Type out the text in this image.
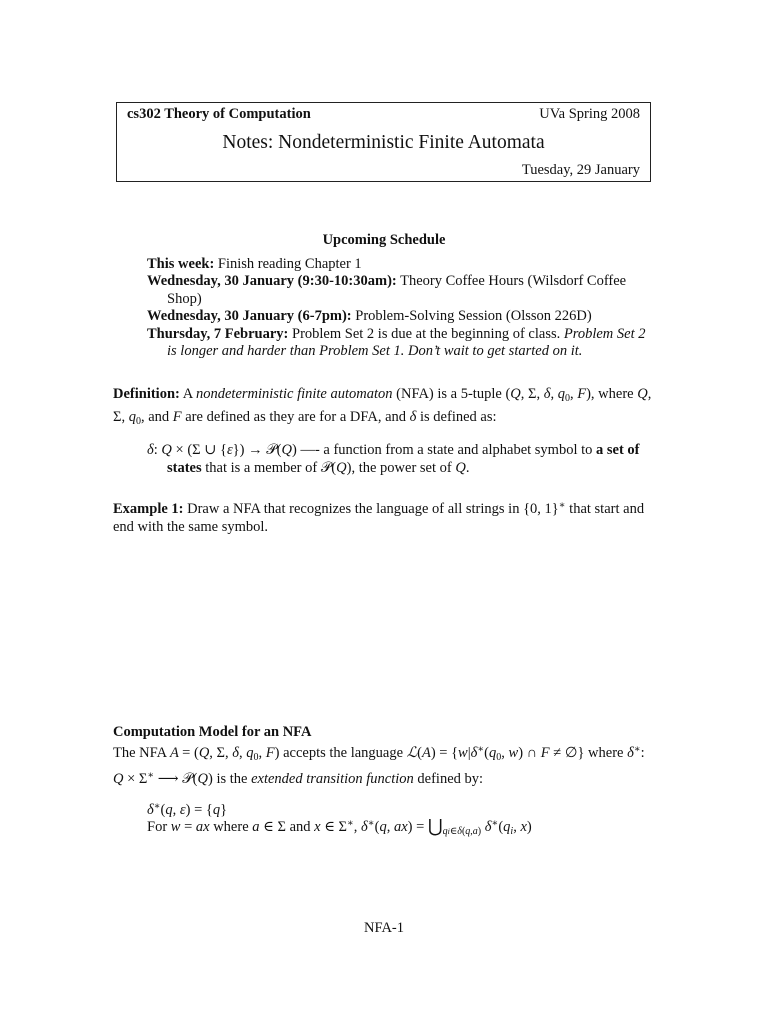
cs302 Theory of Computation	UVa Spring 2008
Notes: Nondeterministic Finite Automata
Tuesday, 29 January
Upcoming Schedule
This week: Finish reading Chapter 1
Wednesday, 30 January (9:30-10:30am): Theory Coffee Hours (Wilsdorf Coffee Shop)
Wednesday, 30 January (6-7pm): Problem-Solving Session (Olsson 226D)
Thursday, 7 February: Problem Set 2 is due at the beginning of class. Problem Set 2 is longer and harder than Problem Set 1. Don’t wait to get started on it.
Definition: A nondeterministic finite automaton (NFA) is a 5-tuple (Q, Σ, δ, $q_0$, F), where Q, Σ, $q_0$, and F are defined as they are for a DFA, and δ is defined as:
δ: Q × (Σ ∪ {ε}) → 𝒫(Q) —- a function from a state and alphabet symbol to a set of states that is a member of 𝒫(Q), the power set of Q.
Example 1: Draw a NFA that recognizes the language of all strings in {0, 1}∗ that start and end with the same symbol.
Computation Model for an NFA
The NFA A = (Q, Σ, δ, $q_0$, F) accepts the language ℒ(A) = {$w|\delta^∗(q_0$, w) ∩ F ≠ ∅} where δ∗: Q × Σ∗ ⟶ 𝒫(Q) is the extended transition function defined by:
δ∗(q, ε) = {q}
For w = ax where a ∈ Σ and x ∈ Σ∗, δ∗(q, $ax) = ⋃_{qi\in\delta(q,a)}$ $\delta^∗(q_i$, x)
NFA-1
